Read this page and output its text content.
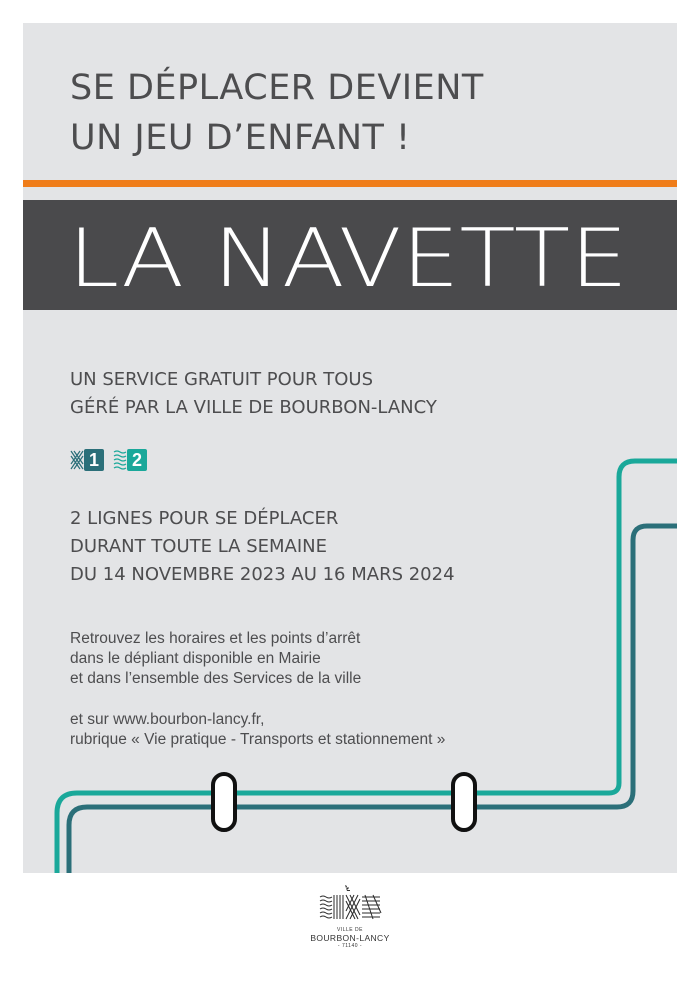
SE DÉPLACER DEVIENT
UN JEU D’ENFANT !
LA NAVETTE

UN SERVICE GRATUIT POUR TOUS
GÉRÉ PAR LA VILLE DE BOURBON-LANCY

1 2

2 LIGNES POUR SE DÉPLACER
DURANT TOUTE LA SEMAINE
DU 14 NOVEMBRE 2023 AU 16 MARS 2024

Retrouvez les horaires et les points d’arrêt
dans le dépliant disponible en Mairie
et dans l’ensemble des Services de la ville

et sur www.bourbon-lancy.fr,
rubrique « Vie pratique - Transports et stationnement »

VILLE DE
BOURBON-LANCY
- 71140 -
